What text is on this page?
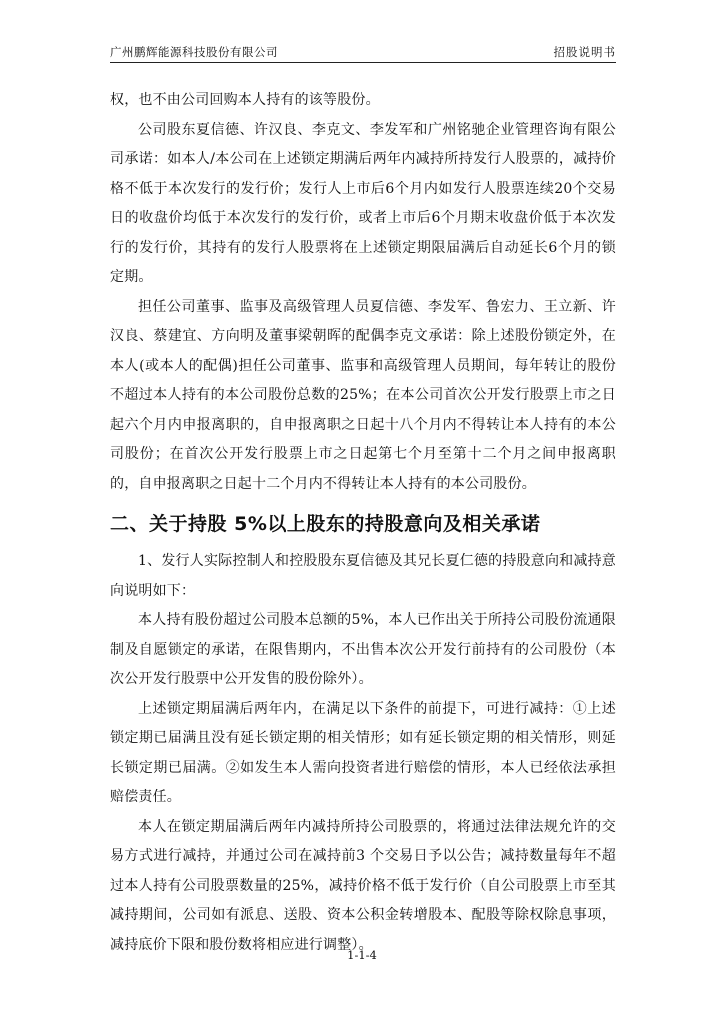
广州鹏辉能源科技股份有限公司	招股说明书

权，也不由公司回购本人持有的该等股份。

公司股东夏信德、许汉良、李克文、李发军和广州铭驰企业管理咨询有限公司承诺：如本人/本公司在上述锁定期满后两年内减持所持发行人股票的，减持价格不低于本次发行的发行价；发行人上市后6个月内如发行人股票连续20个交易日的收盘价均低于本次发行的发行价，或者上市后6个月期末收盘价低于本次发行的发行价，其持有的发行人股票将在上述锁定期限届满后自动延长6个月的锁定期。

担任公司董事、监事及高级管理人员夏信德、李发军、鲁宏力、王立新、许汉良、蔡建宜、方向明及董事梁朝晖的配偶李克文承诺：除上述股份锁定外，在本人(或本人的配偶)担任公司董事、监事和高级管理人员期间，每年转让的股份不超过本人持有的本公司股份总数的25%；在本公司首次公开发行股票上市之日起六个月内申报离职的，自申报离职之日起十八个月内不得转让本人持有的本公司股份；在首次公开发行股票上市之日起第七个月至第十二个月之间申报离职的，自申报离职之日起十二个月内不得转让本人持有的本公司股份。

二、关于持股 5%以上股东的持股意向及相关承诺

1、发行人实际控制人和控股股东夏信德及其兄长夏仁德的持股意向和减持意向说明如下：

本人持有股份超过公司股本总额的5%，本人已作出关于所持公司股份流通限制及自愿锁定的承诺，在限售期内，不出售本次公开发行前持有的公司股份（本次公开发行股票中公开发售的股份除外）。

上述锁定期届满后两年内，在满足以下条件的前提下，可进行减持：①上述锁定期已届满且没有延长锁定期的相关情形；如有延长锁定期的相关情形，则延长锁定期已届满。②如发生本人需向投资者进行赔偿的情形，本人已经依法承担赔偿责任。

本人在锁定期届满后两年内减持所持公司股票的，将通过法律法规允许的交易方式进行减持，并通过公司在减持前3 个交易日予以公告；减持数量每年不超过本人持有公司股票数量的25%，减持价格不低于发行价（自公司股票上市至其减持期间，公司如有派息、送股、资本公积金转增股本、配股等除权除息事项，减持底价下限和股份数将相应进行调整）。

1-1-4
